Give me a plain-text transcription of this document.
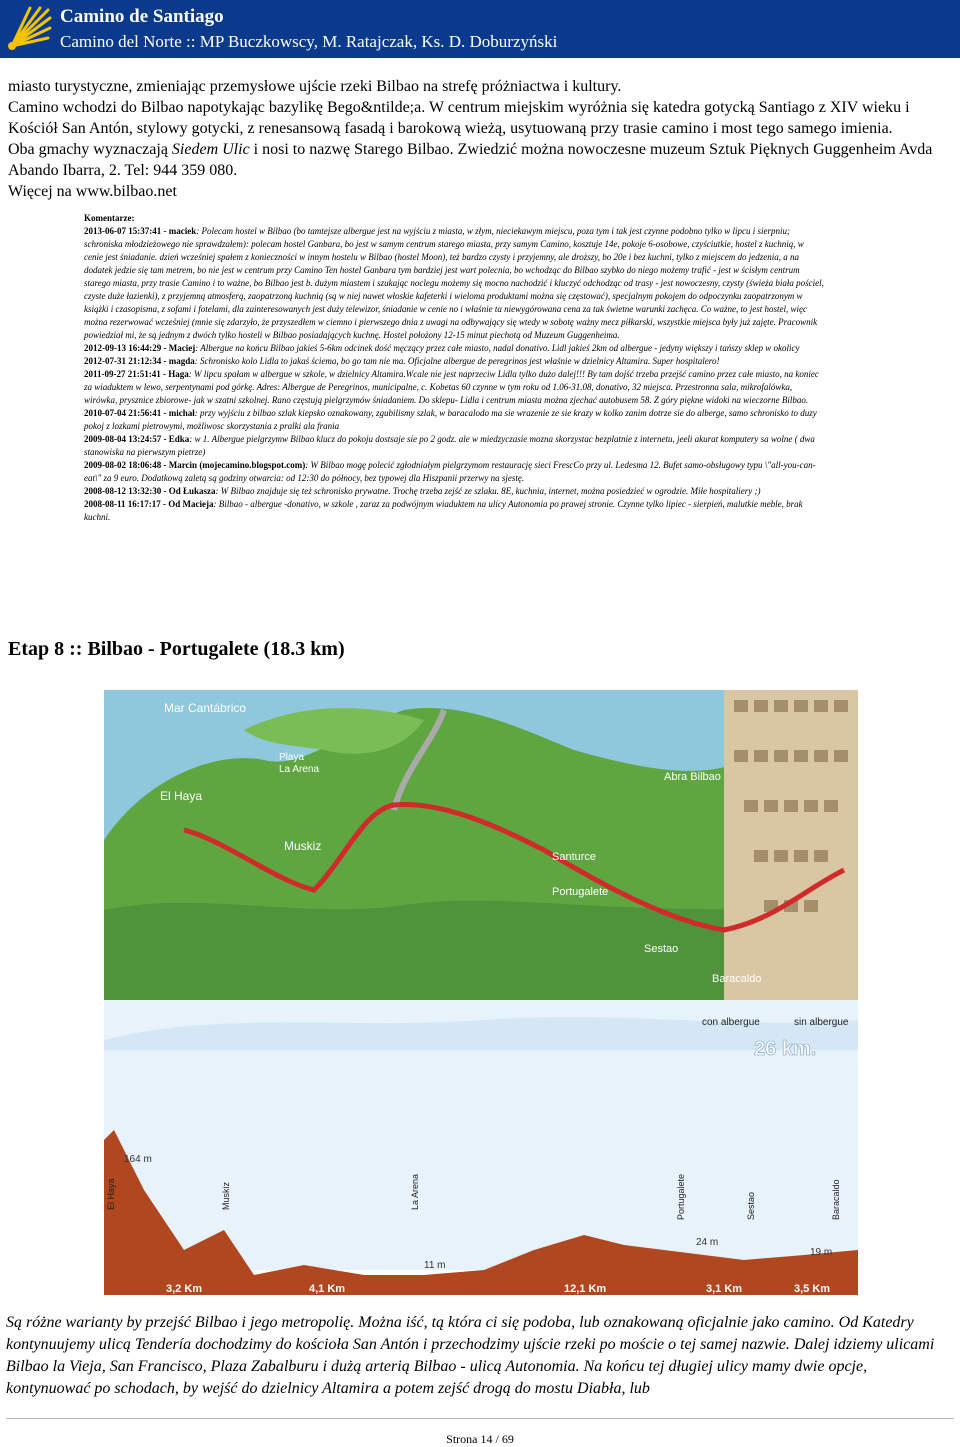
Camino de Santiago
Camino del Norte :: MP Buczkowscy, M. Ratajczak, Ks. D. Doburzyński

miasto turystyczne, zmieniając przemysłowe ujście rzeki Bilbao na strefę próżniactwa i kultury.

Camino wchodzi do Bilbao napotykając bazylikę Bego&ntilde;a. W centrum miejskim wyróżnia się katedra gotycką Santiago z XIV wieku i Kościół San Antón, stylowy gotycki, z renesansową fasadą i barokową wieżą, usytuowaną przy trasie camino i most tego samego imienia.

Oba gmachy wyznaczają Siedem Ulic i nosi to nazwę Starego Bilbao. Zwiedzić można nowoczesne muzeum Sztuk Pięknych Guggenheim Avda Abando Ibarra, 2. Tel: 944 359 080.

Więcej na www.bilbao.net

Komentarze:
2013-06-07 15:37:41 - maciek: Polecam hostel w Bilbao (bo tamtejsze albergue jest na wyjściu z miasta, w złym, nieciekawym miejscu, poza tym i tak jest czynne podobno tylko w lipcu i sierpniu; schroniska młodzieżowego nie sprawdzałem): polecam hostel Ganbara, bo jest w samym centrum starego miasta, przy samym Camino, kosztuje 14e, pokoje 6-osobowe, czyściutkie, hostel z kuchnią, w cenie jest śniadanie. dzień wcześniej spałem z konieczności w innym hostelu w Bilbao (hostel Moon), też bardzo czysty i przyjemny, ale droższy, bo 20e i bez kuchni, tylko z miejscem do jedzenia, a na dodatek jedzie się tam metrem, bo nie jest w centrum przy Camino Ten hostel Ganbara tym bardziej jest wart polecnia, bo wchodząc do Bilbao szybko do niego możemy trafić - jest w ścisłym centrum starego miasta, przy trasie Camino i to ważne, bo Bilbao jest b. dużym miastem i szukając noclegu możemy się mocno nachodzić i kluczyć odchodząc od trasy - jest nowoczesny, czysty (świeża biała pościel, czyste duże łazienki), z przyjemną atmosferą, zaopatrzoną kuchnią (są w niej nawet włoskie kafeterki i wieloma produktami można się częstować), specjalnym pokojem do odpoczynku zaopatrzonym w książki i czasopisma, z sofami i fotelami, dla zainteresowanych jest duży telewizor, śniadanie w cenie no i właśnie ta niewygórowana cena za tak świetne warunki zachęca. Co ważne, to jest hostel, więc można rezerwować wcześniej (mnie się zdarzyło, że przyszedłem w ciemno i pierwszego dnia z uwagi na odbywający się wtedy w sobotę ważny mecz piłkarski, wszystkie miejsca były już zajęte. Pracownik powiedział mi, że są jednym z dwóch tylko hosteli w Bilbao posiadających kuchnę. Hostel położony 12-15 minut piechotą od Muzeum Guggenheima.
2012-09-13 16:44:29 - Maciej: Albergue na końcu Bilbao jakieś 5-6km odcinek dość męczący przez całe miasto, nadal donativo. Lidl jakieś 2km od albergue - jedyny większy i tańszy sklep w okolicy
2012-07-31 21:12:34 - magda: Schronisko kolo Lidla to jakaś ściema, bo go tam nie ma. Oficjalne albergue de peregrinos jest właśnie w dzielnicy Altamira. Super hospitalero!
2011-09-27 21:51:41 - Haga: W lipcu spałam w albergue w szkole, w dzielnicy Altamira.Wcale nie jest naprzeciw Lidla tylko dużo dalej!!! By tam dojść trzeba przejść camino przez całe miasto, na koniec za wiaduktem w lewo, serpentynami pod górkę. Adres: Albergue de Peregrinos, municipalne, c. Kobetas 60 czynne w tym roku od 1.06-31.08, donativo, 32 miejsca. Przestronna sala, mikrofalówka, wirówka, prysznice zbiorowe- jak w szatni szkolnej. Rano częstują pielgrzymów śniadaniem. Do sklepu- Lidla i centrum miasta można zjechać autobusem 58. Z góry piękne widoki na wieczorne Bilbao.
2010-07-04 21:56:41 - michał: przy wyjściu z bilbao szlak kiepsko oznakowany, zgubilismy szlak, w baracalodo ma sie wrazenie ze sie krazy w kolko zanim dotrze sie do alberge, samo schronisko to duzy pokoj z lozkami pietrowymi, możliwosc skorzystania z pralki ala frania
2009-08-04 13:24:57 - Edka: w 1. Albergue pielgrzymw Bilbao klucz do pokoju dostsaje sie po 2 godz. ale w miedzyczasie mozna skorzystac bezplatnie z internetu, jeeli akurat komputery sa wolne ( dwa stanowiska na pierwszym pietrze)
2009-08-02 18:06:48 - Marcin (mojecamino.blogspot.com): W Bilbao mogę polecić zgłodniałym pielgrzymom restaurację sieci FrescCo przy ul. Ledesma 12. Bufet samo-obsługowy typu \"all-you-can-eat\" za 9 euro. Dodatkową zaletą są godziny otwarcia: od 12:30 do północy, bez typowej dla Hiszpanii przerwy na sjestę.
2008-08-12 13:32:30 - Od Łukasza: W Bilbao znajduje się też schronisko prywatne. Trochę trzeba zejść ze szlaku. 8E, kuchnia, internet, można posiedzieć w ogrodzie. Miłe hospitaliery ;)
2008-08-11 16:17:17 - Od Macieja: Bilbao - albergue -donativo, w szkole , zaraz za podwójnym wiaduktem na ulicy Autonomia po prawej stronie. Czynne tylko lipiec - sierpień, malutkie meble, brak kuchni.
Etap 8 :: Bilbao - Portugalete (18.3 km)
Mar Cantábrico
Playa
La Arena
El Haya
Muskiz
Abra Bilbao
Santurce
Portugalete
Sestao
Baracaldo
con albergue	sin albergue
26 km.
164 m
11 m
24 m
19 m
3,2 Km	4,1 Km	12,1 Km	3,1 Km	3,5 Km
El Haya	Muskiz	La Arena	Portugalete	Sestao	Baracaldo
Są różne warianty by przejść Bilbao i jego metropolię. Można iść, tą która ci się podoba, lub oznakowaną oficjalnie jako camino. Od Katedry kontynuujemy ulicą Tendería dochodzimy do kościoła San Antón i przechodzimy ujście rzeki po moście o tej samej nazwie. Dalej idziemy ulicami Bilbao la Vieja, San Francisco, Plaza Zabalburu i dużą arterią Bilbao - ulicą Autonomia. Na końcu tej długiej ulicy mamy dwie opcje, kontynuować po schodach, by wejść do dzielnicy Altamira a potem zejść drogą do mostu Diabła, lub
Strona 14 / 69
